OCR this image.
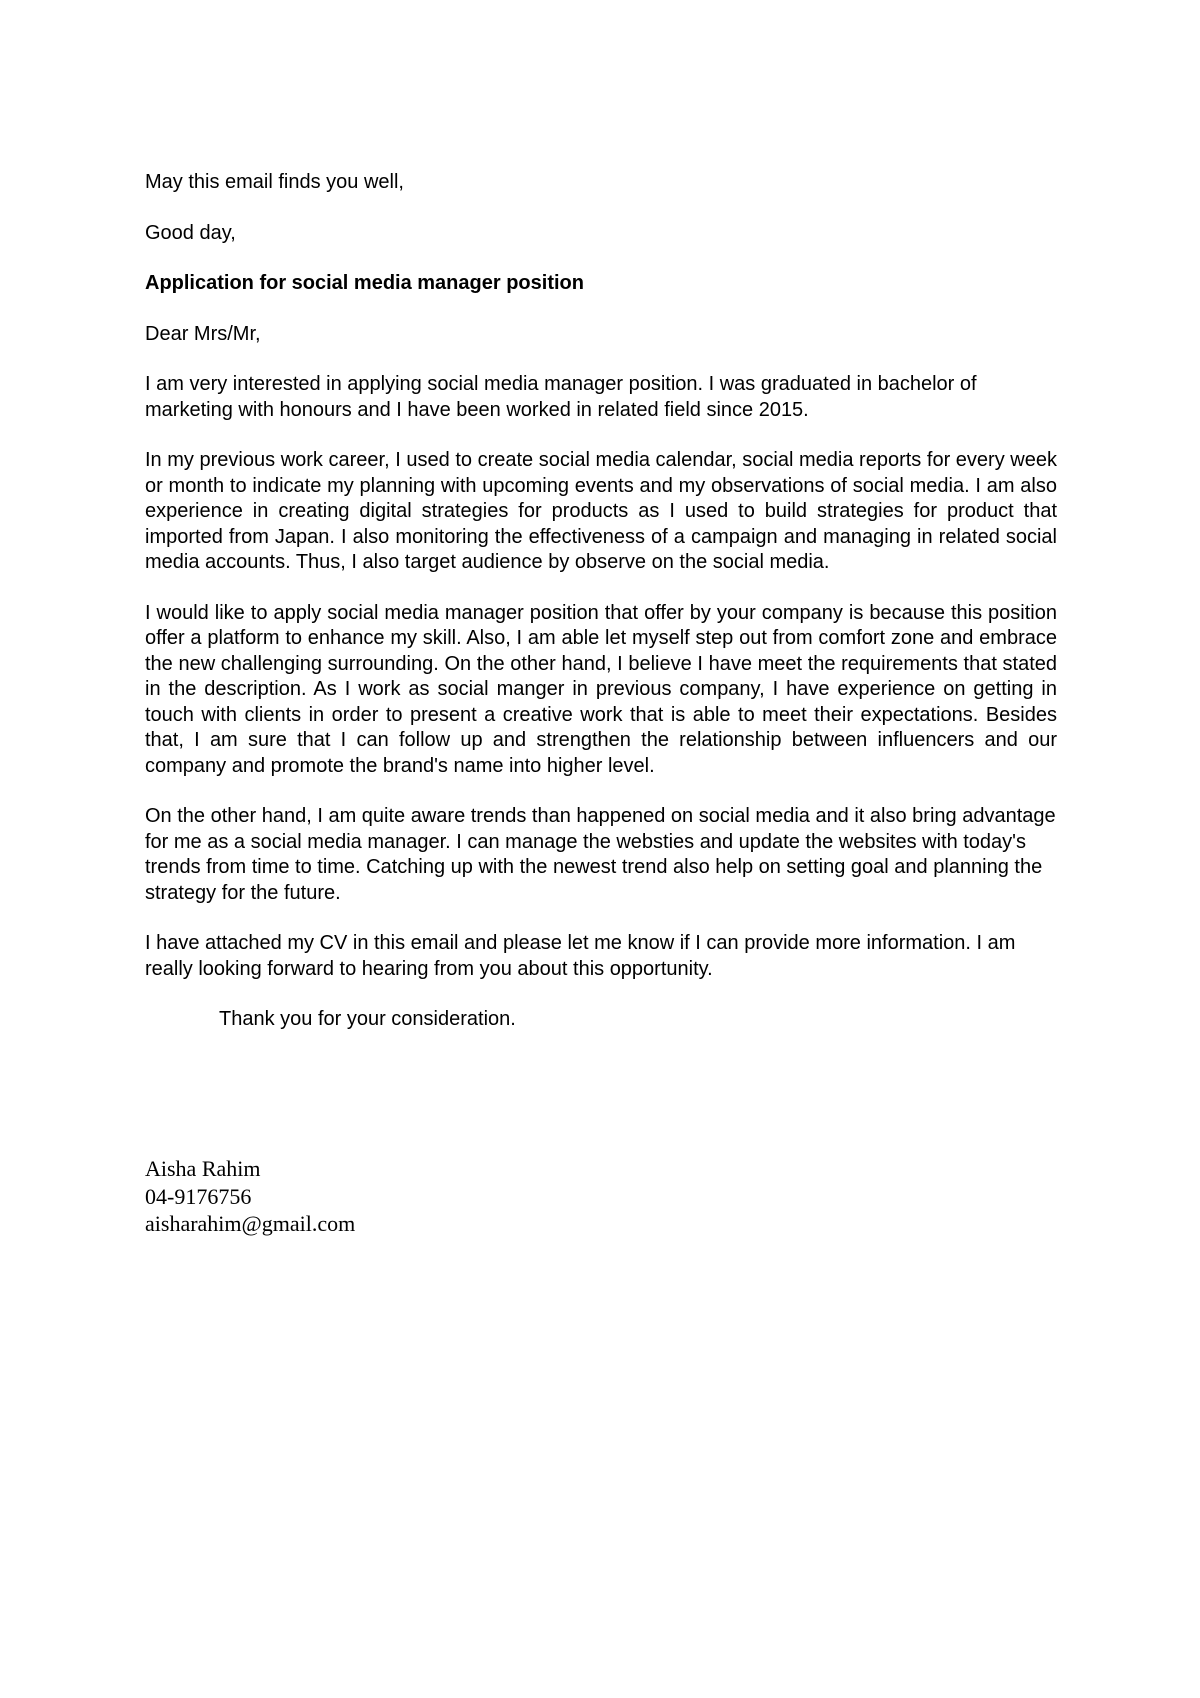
May this email finds you well,

Good day,

Application for social media manager position

Dear Mrs/Mr,

I am very interested in applying social media manager position. I was graduated in bachelor of marketing with honours and I have been worked in related field since 2015.

In my previous work career, I used to create social media calendar, social media reports for every week or month to indicate my planning with upcoming events and my observations of social media. I am also experience in creating digital strategies for products as I used to build strategies for product that imported from Japan. I also monitoring the effectiveness of a campaign and managing in related social media accounts. Thus, I also target audience by observe on the social media.

I would like to apply social media manager position that offer by your company is because this position offer a platform to enhance my skill. Also, I am able let myself step out from comfort zone and embrace the new challenging surrounding. On the other hand, I believe I have meet the requirements that stated in the description. As I work as social manger in previous company, I have experience on getting in touch with clients in order to present a creative work that is able to meet their expectations. Besides that, I am sure that I can follow up and strengthen the relationship between influencers and our company and promote the brand's name into higher level.

On the other hand, I am quite aware trends than happened on social media and it also bring advantage for me as a social media manager. I can manage the websties and update the websites with today's trends from time to time. Catching up with the newest trend also help on setting goal and planning the strategy for the future.

I have attached my CV in this email and please let me know if I can provide more information. I am really looking forward to hearing from you about this opportunity.

Thank you for your consideration.

Aisha Rahim
04-9176756
aisharahim@gmail.com
